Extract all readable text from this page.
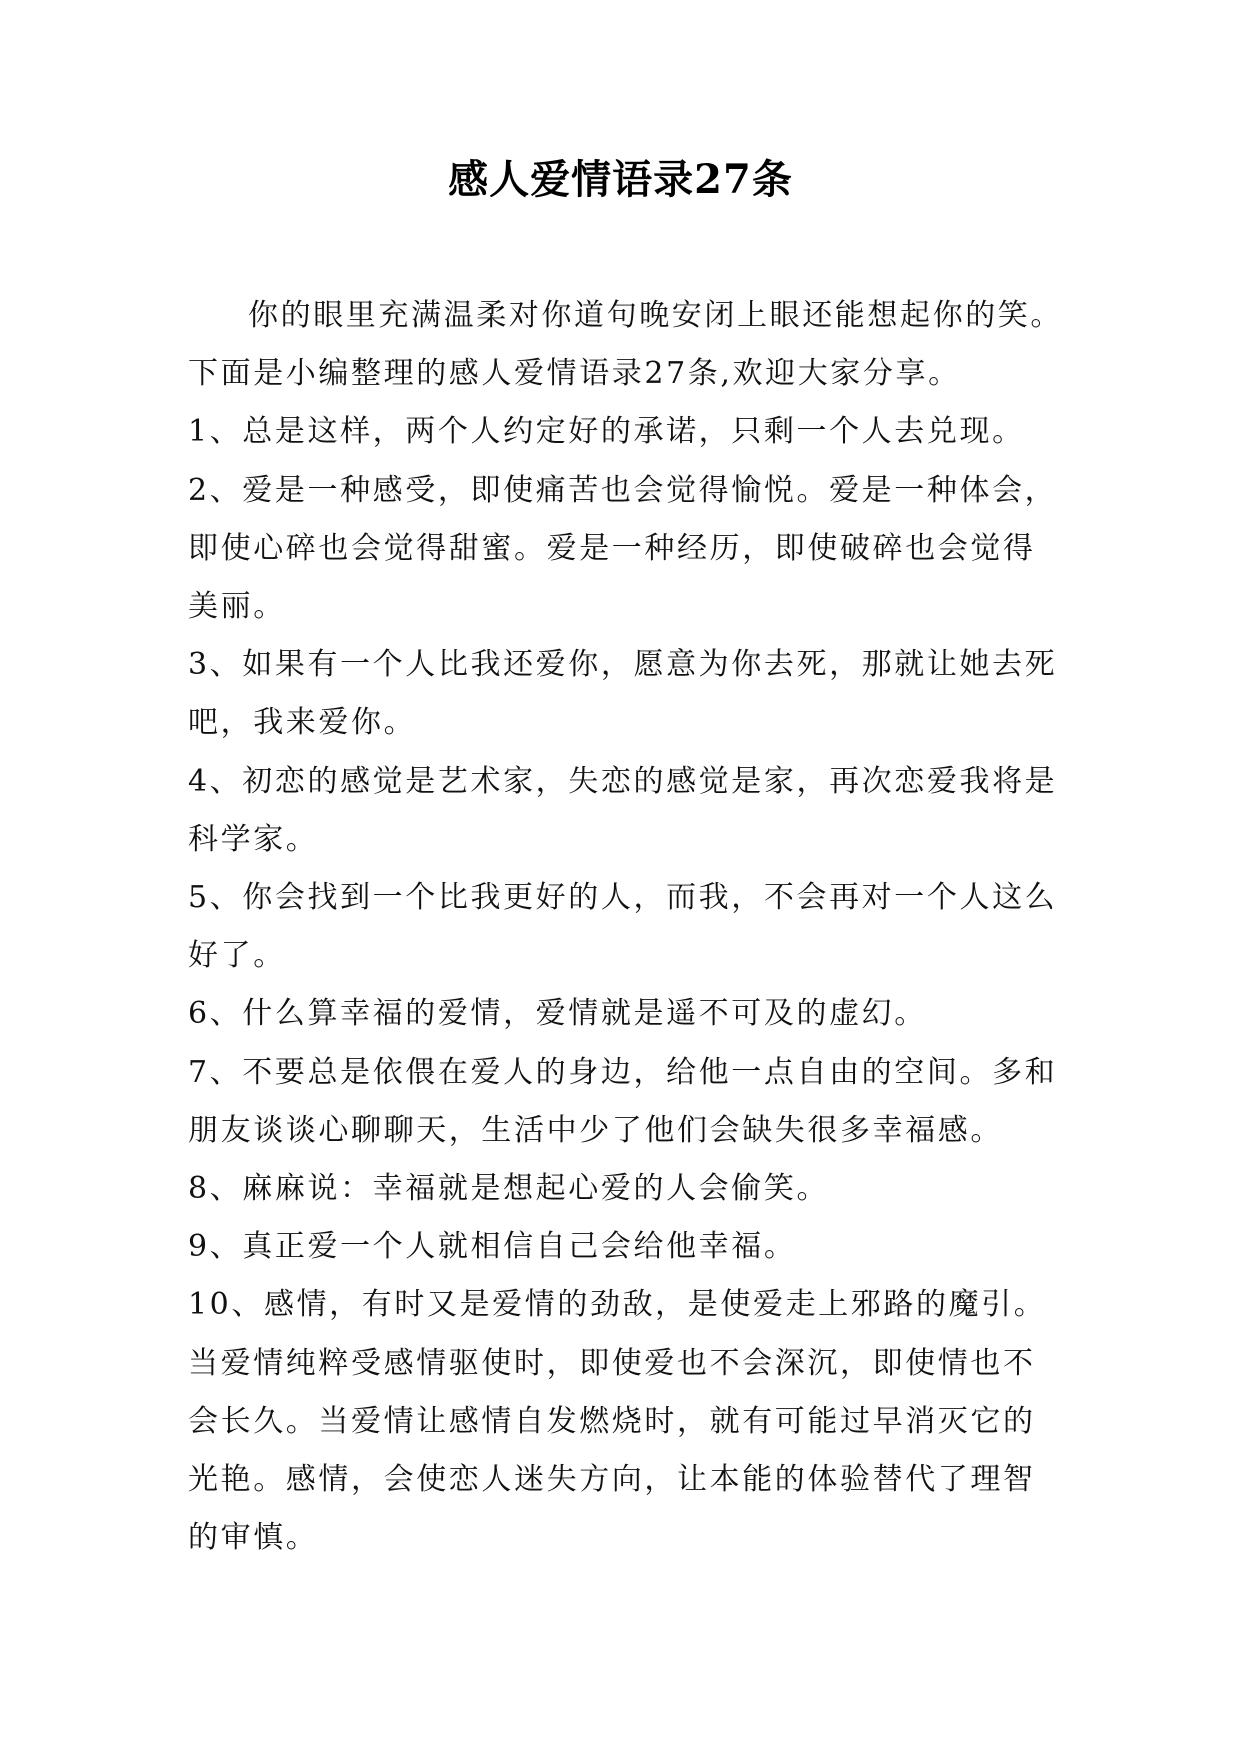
感人爱情语录27条

你的眼里充满温柔对你道句晚安闭上眼还能想起你的笑。下面是小编整理的感人爱情语录27条,欢迎大家分享。

1、总是这样，两个人约定好的承诺，只剩一个人去兑现。

2、爱是一种感受，即使痛苦也会觉得愉悦。爱是一种体会，即使心碎也会觉得甜蜜。爱是一种经历，即使破碎也会觉得美丽。

3、如果有一个人比我还爱你，愿意为你去死，那就让她去死吧，我来爱你。

4、初恋的感觉是艺术家，失恋的感觉是家，再次恋爱我将是科学家。

5、你会找到一个比我更好的人，而我，不会再对一个人这么好了。

6、什么算幸福的爱情，爱情就是遥不可及的虚幻。

7、不要总是依偎在爱人的身边，给他一点自由的空间。多和朋友谈谈心聊聊天，生活中少了他们会缺失很多幸福感。

8、麻麻说：幸福就是想起心爱的人会偷笑。

9、真正爱一个人就相信自己会给他幸福。

10、感情，有时又是爱情的劲敌，是使爱走上邪路的魔引。当爱情纯粹受感情驱使时，即使爱也不会深沉，即使情也不会长久。当爱情让感情自发燃烧时，就有可能过早消灭它的光艳。感情，会使恋人迷失方向，让本能的体验替代了理智的审慎。
